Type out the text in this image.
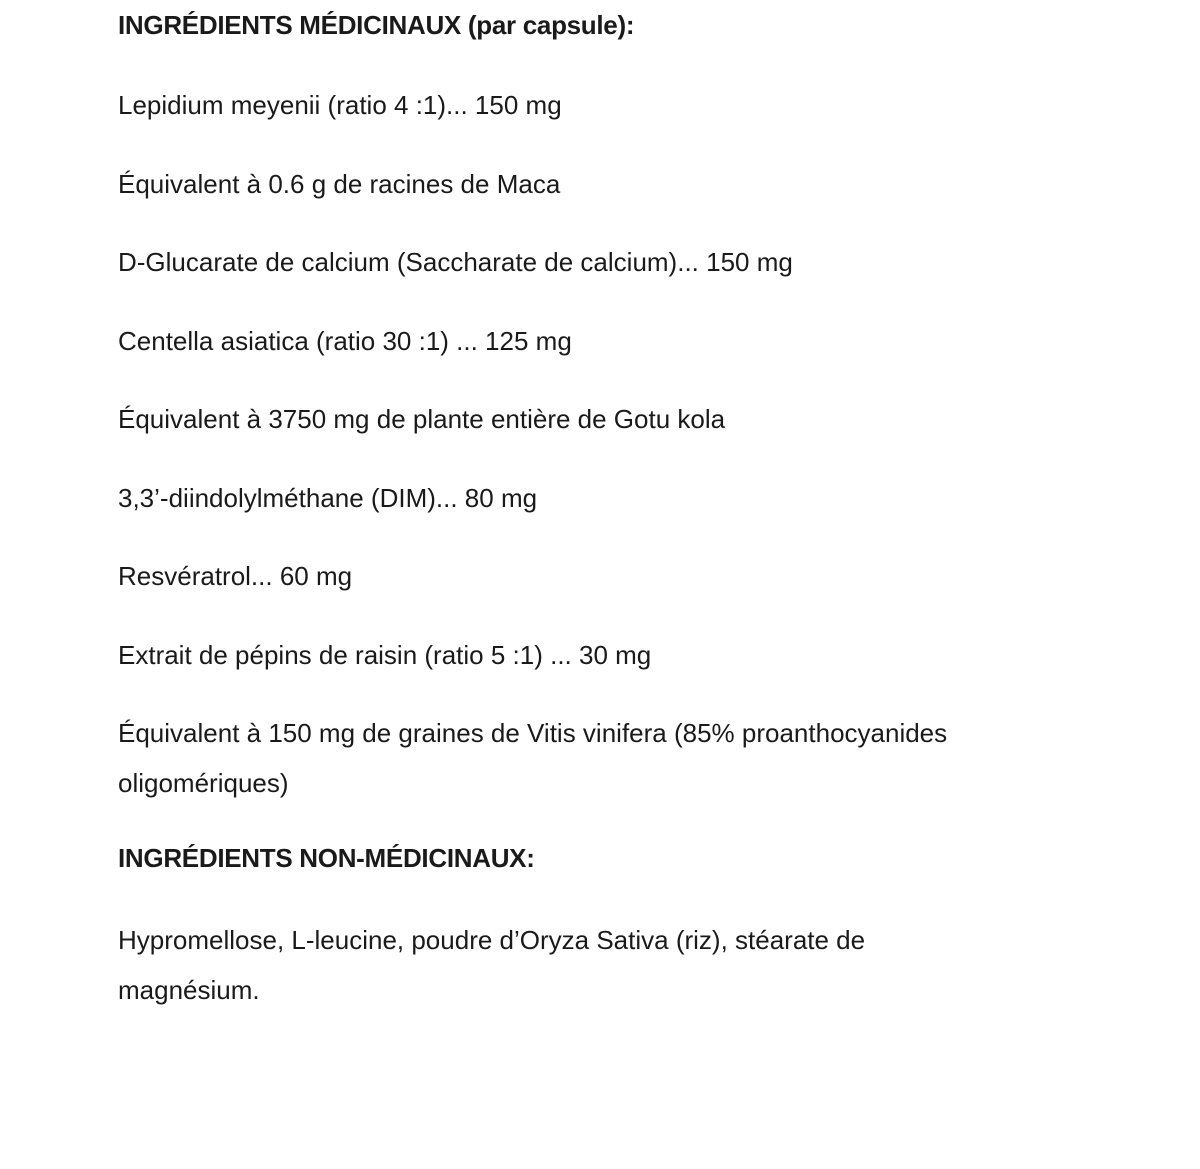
INGRÉDIENTS MÉDICINAUX (par capsule):

Lepidium meyenii (ratio 4 :1)... 150 mg

Équivalent à 0.6 g de racines de Maca

D-Glucarate de calcium (Saccharate de calcium)... 150 mg

Centella asiatica (ratio 30 :1) ... 125 mg

Équivalent à 3750 mg de plante entière de Gotu kola

3,3’-diindolylméthane (DIM)... 80 mg

Resvératrol... 60 mg

Extrait de pépins de raisin (ratio 5 :1) ... 30 mg

Équivalent à 150 mg de graines de Vitis vinifera (85% proanthocyanides oligomériques)

INGRÉDIENTS NON-MÉDICINAUX:

Hypromellose, L-leucine, poudre d’Oryza Sativa (riz), stéarate de magnésium.
